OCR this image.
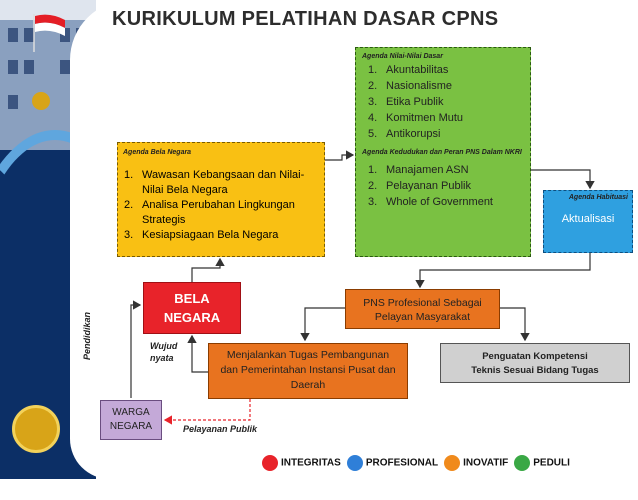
KURIKULUM PELATIHAN DASAR CPNS
Agenda Bela Negara
1. Wawasan Kebangsaan dan Nilai-Nilai Bela Negara
2. Analisa Perubahan Lingkungan Strategis
3. Kesiapsiagaan Bela Negara
Agenda Nilai-Nilai Dasar
1. Akuntabilitas
2. Nasionalisme
3. Etika Publik
4. Komitmen Mutu
5. Antikorupsi
Agenda Kedudukan dan Peran PNS Dalam NKRI
1. Manajamen ASN
2. Pelayanan Publik
3. Whole of Government	Agenda Habituasi
Aktualisasi
BELA NEGARA
PNS Profesional Sebagai Pelayan Masyarakat
Menjalankan Tugas Pembangunan dan Pemerintahan Instansi Pusat dan Daerah
Penguatan Kompetensi Teknis Sesuai Bidang Tugas
WARGA NEGARA
Pendidikan	Wujud nyata
Pelayanan Publik
INTEGRITAS	PROFESIONAL	INOVATIF	PEDULI
